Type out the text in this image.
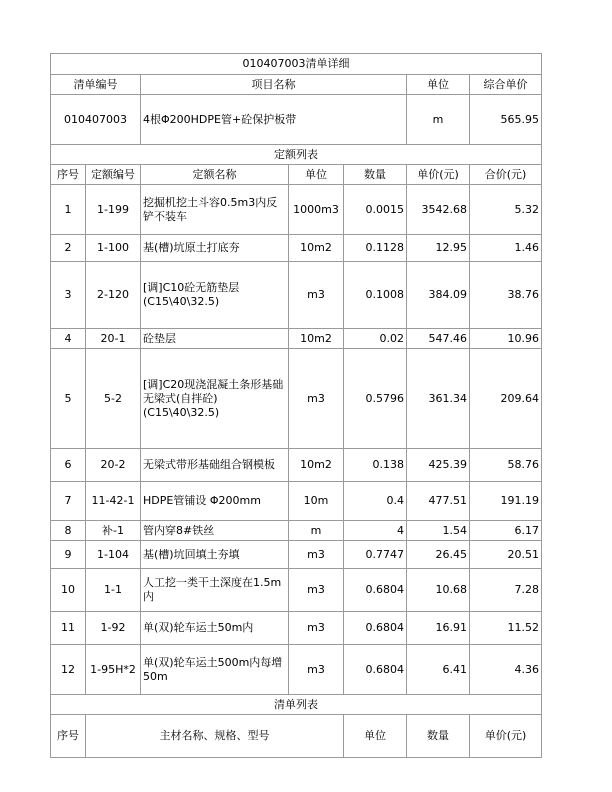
010407003清单详细							
清单编号		项目名称			单位	综合单价	
010407003		4根Φ200HDPE管+砼保护板带			m	565.95	
定额列表							
序号	定额编号	定额名称	单位	数量	单价(元)	合价(元)	
1	1-199	挖掘机挖土斗容0.5m3内反铲不装车	1000m3	0.0015	3542.68	5.32	
2	1-100	基(槽)坑原土打底夯	10m2	0.1128	12.95	1.46	
3	2-120	[调]C10砼无筋垫层(C15\40\32.5)	m3	0.1008	384.09	38.76	
4	20-1	砼垫层	10m2	0.02	547.46	10.96	
5	5-2	[调]C20现浇混凝土条形基础无梁式(自拌砼)(C15\40\32.5)	m3	0.5796	361.34	209.64	
6	20-2	无梁式带形基础组合钢模板	10m2	0.138	425.39	58.76	
7	11-42-1	HDPE管铺设 Φ200mm	10m	0.4	477.51	191.19	
8	补-1	管内穿8#铁丝	m	4	1.54	6.17	
9	1-104	基(槽)坑回填土夯填	m3	0.7747	26.45	20.51	
10	1-1	人工挖一类干土深度在1.5m内	m3	0.6804	10.68	7.28	
11	1-92	单(双)轮车运土50m内	m3	0.6804	16.91	11.52	
12	1-95H*2	单(双)轮车运土500m内每增50m	m3	0.6804	6.41	4.36	
清单列表							
序号	主材名称、规格、型号			单位	数量	单价(元)	
